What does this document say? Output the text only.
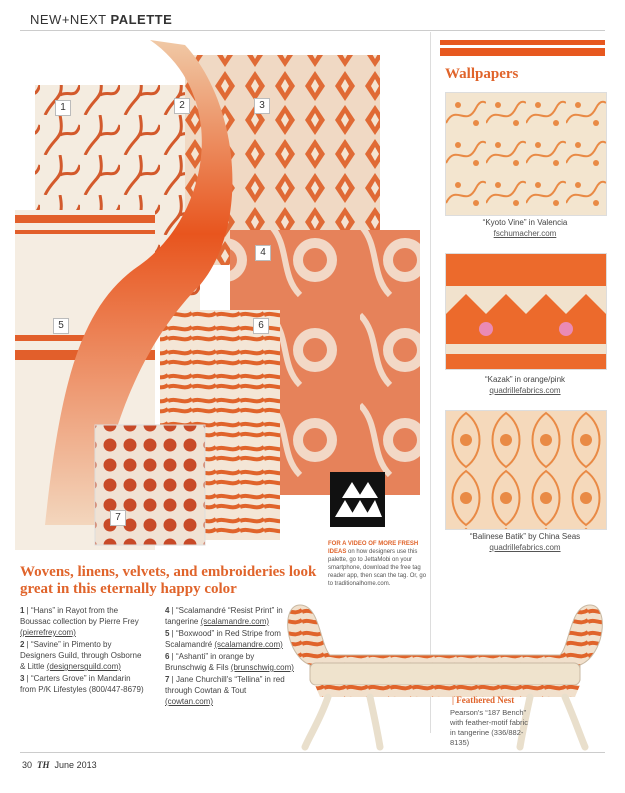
NEW+NEXT PALETTE
1	2	3
4
5	6
7
Wallpapers
“Kyoto Vine” in Valencia
fschumacher.com
“Kazak” in orange/pink
quadrillefabrics.com
“Balinese Batik” by China Seas
quadrillefabrics.com
FOR A VIDEO OF MORE FRESH IDEAS on how designers use this palette, go to JettaMobi on your smartphone, download the free tag reader app, then scan the tag. Or, go to traditionalhome.com.
Wovens, linens, velvets, and embroideries look great in this eternally happy color

1 | “Hans” in Rayot from the Boussac collection by Pierre Frey (pierrefrey.com)

2 | “Savine” in Pimento by Designers Guild, through Osborne & Little (designersguild.com)

3 | “Carters Grove” in Mandarin from P/K Lifestyles (800/447-8679)

4 | “Scalamandré “Resist Print” in tangerine (scalamandre.com)

5 | “Boxwood” in Red Stripe from Scalamandré (scalamandre.com)

6 | “Ashanti” in orange by Brunschwig & Fils (brunschwig.com)

7 | Jane Churchill's “Tellina” in red through Cowtan & Tout (cowtan.com)	| Feathered Nest
Pearson's “187 Bench” with feather-motif fabric in tangerine (336/882-8135)
30 TH June 2013
